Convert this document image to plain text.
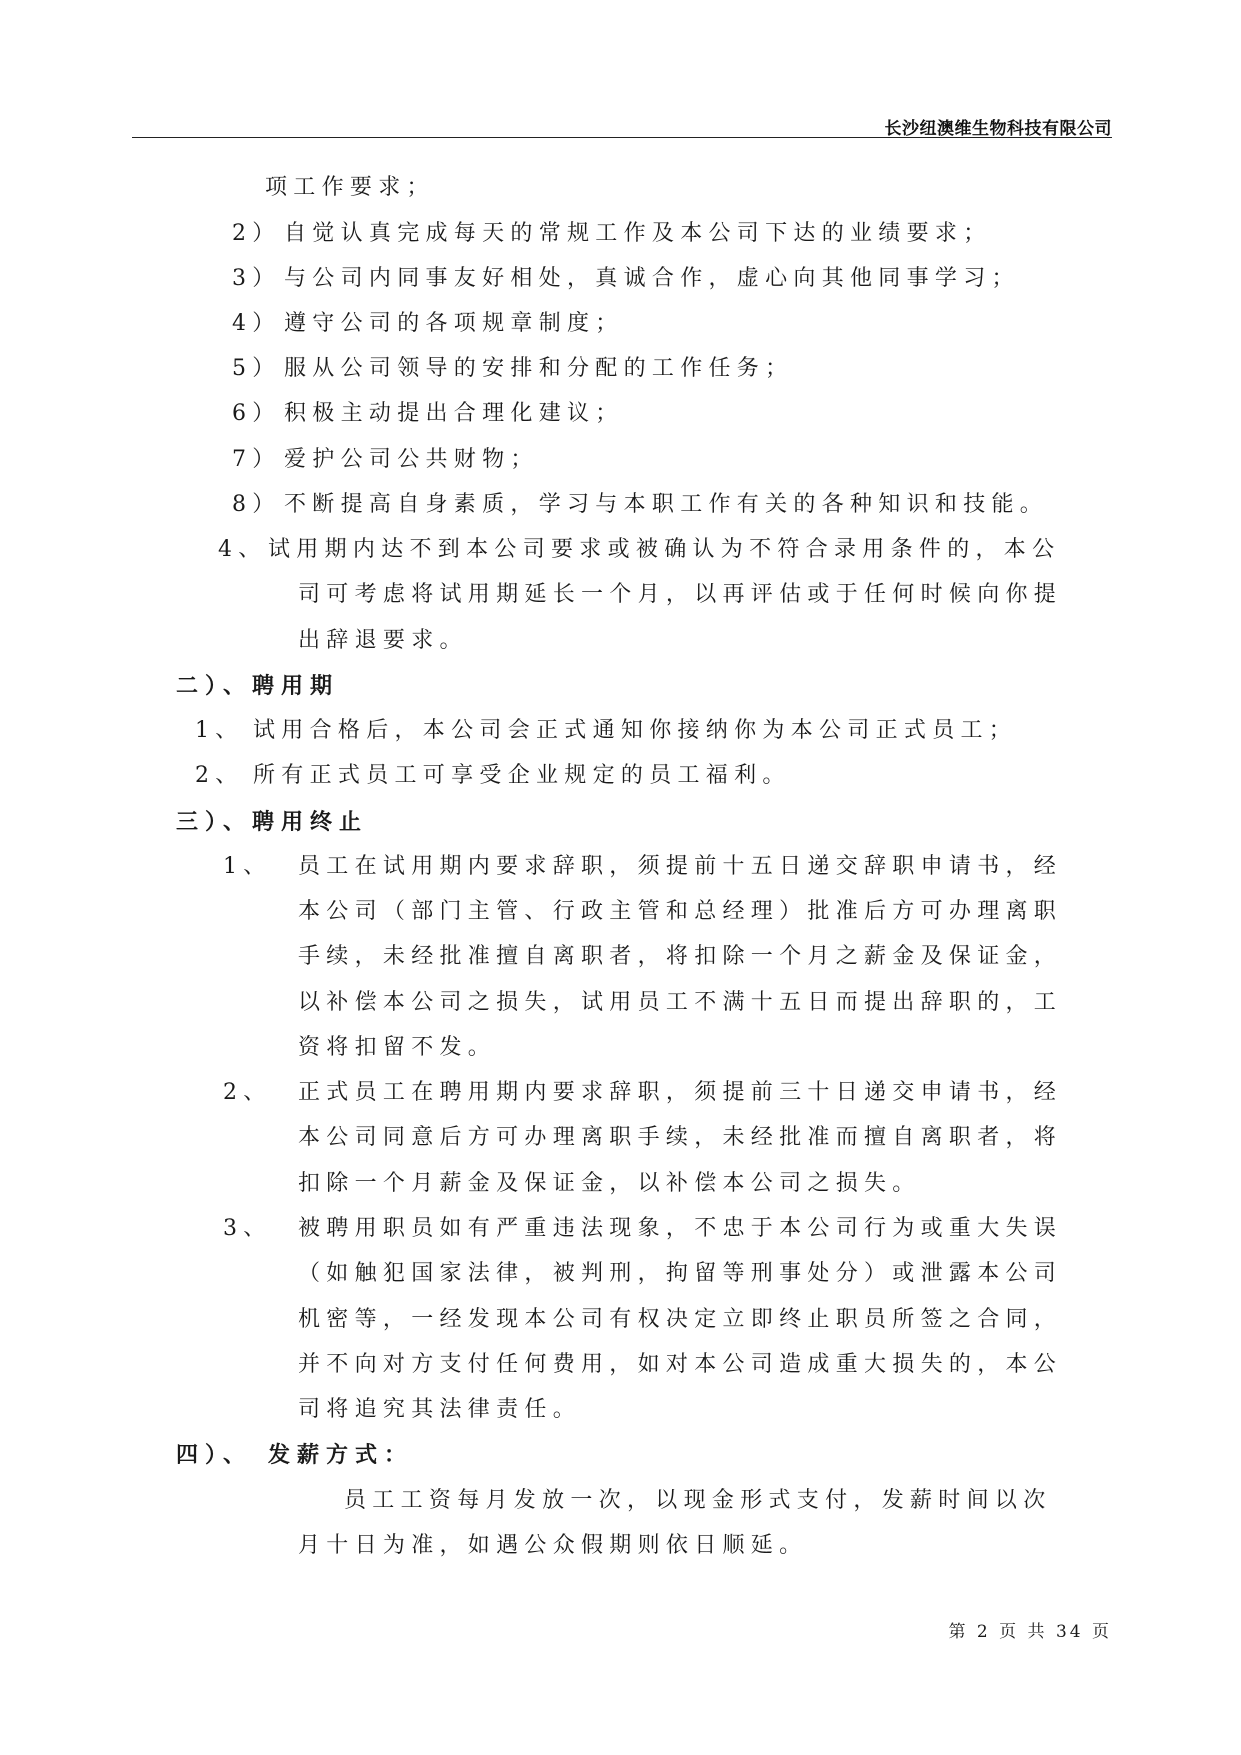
长沙纽澳维生物科技有限公司
项工作要求；
2） 自觉认真完成每天的常规工作及本公司下达的业绩要求；
3） 与公司内同事友好相处，真诚合作，虚心向其他同事学习；
4） 遵守公司的各项规章制度；
5） 服从公司领导的安排和分配的工作任务；
6） 积极主动提出合理化建议；
7） 爱护公司公共财物；
8） 不断提高自身素质，学习与本职工作有关的各种知识和技能。
4、 试用期内达不到本公司要求或被确认为不符合录用条件的，本公
司可考虑将试用期延长一个月，以再评估或于任何时候向你提
出辞退要求。
二）、聘用期
1、 试用合格后，本公司会正式通知你接纳你为本公司正式员工；
2、 所有正式员工可享受企业规定的员工福利。
三）、聘用终止
1、 员工在试用期内要求辞职，须提前十五日递交辞职申请书，经
本公司（部门主管、行政主管和总经理）批准后方可办理离职
手续，未经批准擅自离职者，将扣除一个月之薪金及保证金，
以补偿本公司之损失，试用员工不满十五日而提出辞职的，工
资将扣留不发。
2、 正式员工在聘用期内要求辞职，须提前三十日递交申请书，经
本公司同意后方可办理离职手续，未经批准而擅自离职者，将
扣除一个月薪金及保证金，以补偿本公司之损失。
3、 被聘用职员如有严重违法现象，不忠于本公司行为或重大失误
（如触犯国家法律，被判刑，拘留等刑事处分）或泄露本公司
机密等，一经发现本公司有权决定立即终止职员所签之合同，
并不向对方支付任何费用，如对本公司造成重大损失的，本公
司将追究其法律责任。
四）、 发薪方式：
员工工资每月发放一次，以现金形式支付，发薪时间以次
月十日为准，如遇公众假期则依日顺延。
第 2 页 共 34 页
